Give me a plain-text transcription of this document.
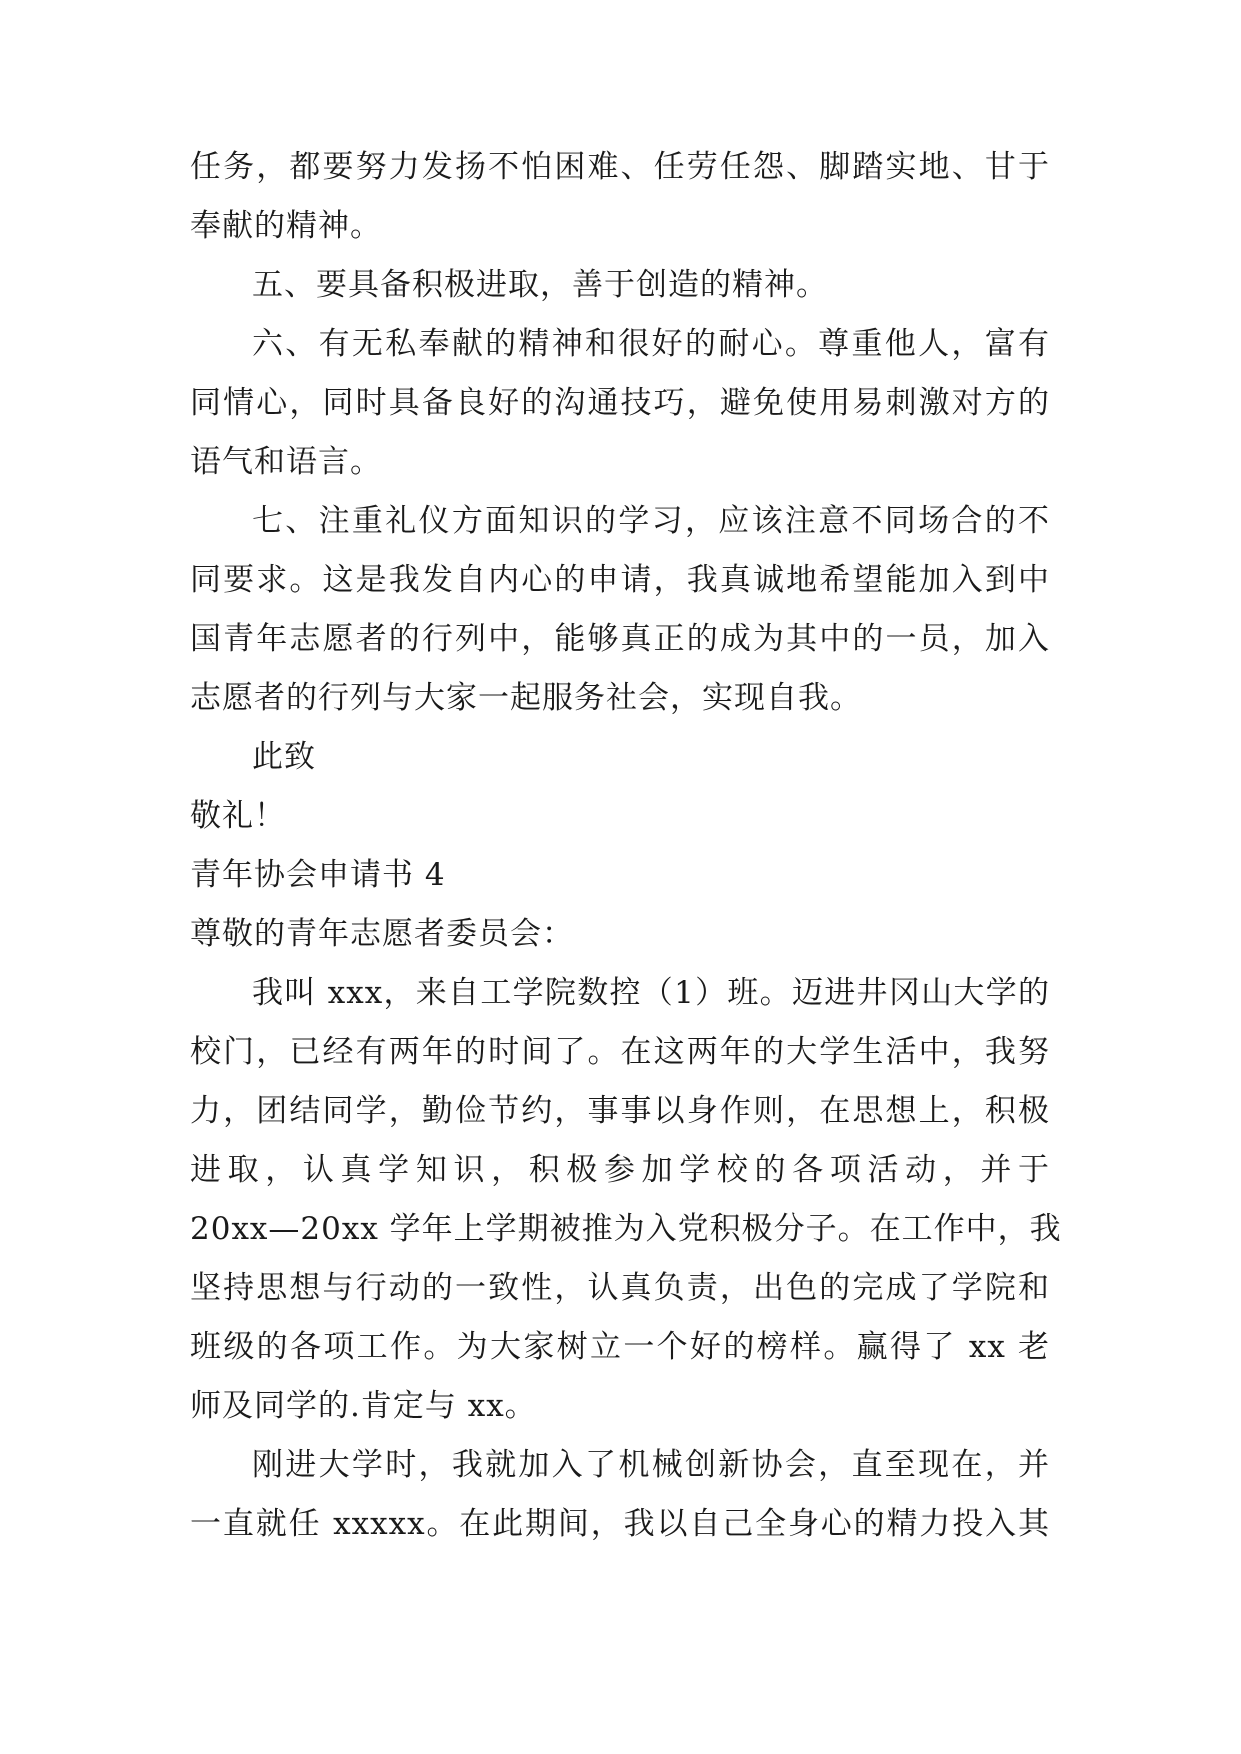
任务，都要努力发扬不怕困难、任劳任怨、脚踏实地、甘于
奉献的精神。
五、要具备积极进取，善于创造的精神。
六、有无私奉献的精神和很好的耐心。尊重他人，富有
同情心，同时具备良好的沟通技巧，避免使用易刺激对方的
语气和语言。
七、注重礼仪方面知识的学习，应该注意不同场合的不
同要求。这是我发自内心的申请，我真诚地希望能加入到中
国青年志愿者的行列中，能够真正的成为其中的一员，加入
志愿者的行列与大家一起服务社会，实现自我。
此致
敬礼！
青年协会申请书 4
尊敬的青年志愿者委员会：
我叫 xxx，来自工学院数控（1）班。迈进井冈山大学的
校门，已经有两年的时间了。在这两年的大学生活中，我努
力，团结同学，勤俭节约，事事以身作则，在思想上，积极
进取，认真学知识，积极参加学校的各项活动，并于
20xx—20xx 学年上学期被推为入党积极分子。在工作中，我
坚持思想与行动的一致性，认真负责，出色的完成了学院和
班级的各项工作。为大家树立一个好的榜样。赢得了 xx 老
师及同学的.肯定与 xx。
刚进大学时，我就加入了机械创新协会，直至现在，并
一直就任 xxxxx。在此期间，我以自己全身心的精力投入其
